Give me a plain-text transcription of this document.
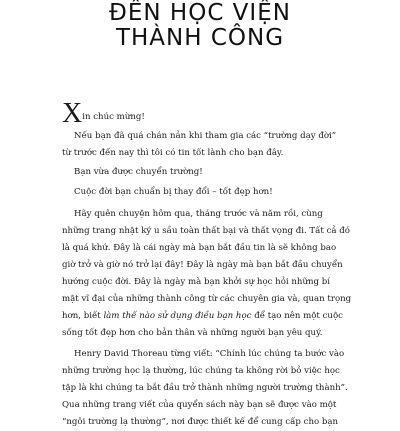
ĐẾN HỌC VIỆN
THÀNH CÔNG
Xin chúc mừng!
Nếu bạn đã quá chán nản khi tham gia các “trường dạy đời”
từ trước đến nay thì tôi có tin tốt lành cho bạn đây.
Bạn vừa được chuyển trường!
Cuộc đời bạn chuẩn bị thay đổi – tốt đẹp hơn!
Hãy quên chuyện hôm qua, tháng trước và năm rồi, cùng
những trang nhật ký u sầu toàn thất bại và thất vọng đi. Tất cả đó
là quá khứ. Đây là cái ngày mà bạn bắt đầu tin là sẽ không bao
giờ trở và giờ nó trở lại đây! Đây là ngày mà bạn bắt đầu chuyển
hướng cuộc đời. Đây là ngày mà bạn khởi sự học hỏi những bí
mật vĩ đại của những thành công từ các chuyên gia và, quan trọng
hơn, biết làm thế nào sử dụng điều bạn học để tạo nên một cuộc
sống tốt đẹp hơn cho bản thân và những người bạn yêu quý.
Henry David Thoreau từng viết: “Chính lúc chúng ta bước vào
những trường học lạ thường, lúc chúng ta không rời bỏ việc học
tập là khi chúng ta bắt đầu trở thành những người trường thành”.
Qua những trang viết của quyển sách này bạn sẽ được vào một
“ngôi trường lạ thường”, nơi được thiết kế để cung cấp cho bạn
